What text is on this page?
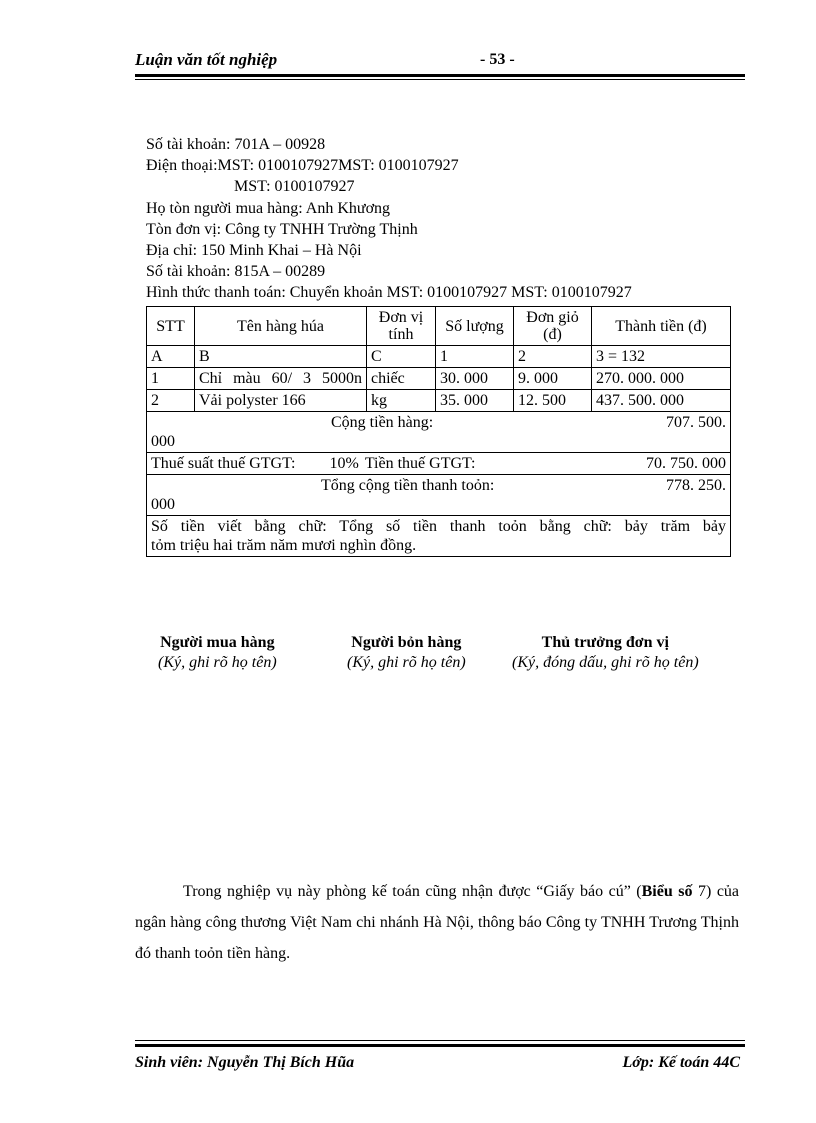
Luận văn tốt nghiệp	- 53 -
Số tài khoản: 701A – 00928
Điện thoại:MST: 0100107927MST: 0100107927
MST: 0100107927
Họ tòn người mua hàng: Anh Khương
Tòn đơn vị: Công ty TNHH Trường Thịnh
Địa chỉ: 150 Minh Khai – Hà Nội
Số tài khoản: 815A – 00289
Hình thức thanh toán: Chuyển khoản MST: 0100107927 MST: 0100107927
STT	Tên hàng húa	Đơn vị tính	Số lượng	Đơn giỏ (đ)	Thành tiền (đ)
A	B	C	1	2	3 = 132
1	Chỉ màu 60/ 3 5000n	chiếc	30. 000	9. 000	270. 000. 000
2	Vải polyster 166	kg	35. 000	12. 500	437. 500. 000

Cộng tiền hàng: 707. 500.
000					

Thuế suất thuế GTGT: 10% Tiền thuế GTGT: 70. 750. 000					

Tổng cộng tiền thanh toỏn: 778. 250.
000					

Số tiền viết bằng chữ: Tổng số tiền thanh toỏn bằng chữ: bảy trăm bảy
tỏm triệu hai trăm năm mươi nghìn đồng.					
Người mua hàng
(Ký, ghi rõ họ tên)
Người bỏn hàng
(Ký, ghi rõ họ tên)
Thủ trưởng đơn vị
(Ký, đóng dấu, ghi rõ họ tên)
Trong nghiệp vụ này phòng kế toán cũng nhận được “Giấy báo cú” (Biểu số 7) của ngân hàng công thương Việt Nam chi nhánh Hà Nội, thông báo Công ty TNHH Trương Thịnh đó thanh toỏn tiền hàng.
Sinh viên: Nguyễn Thị Bích Hũa	Lớp: Kế toán 44C
